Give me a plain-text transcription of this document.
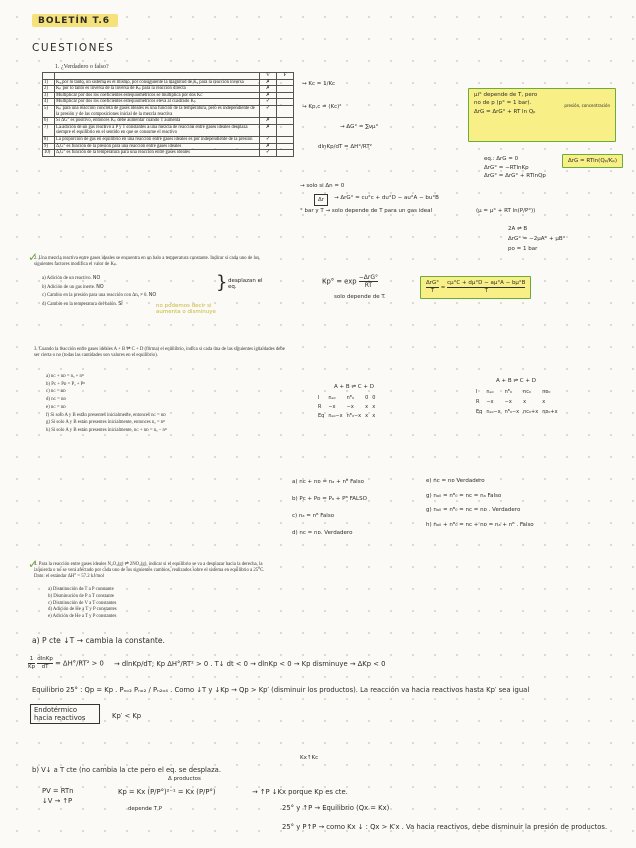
BOLETÍN T.6
CUESTIONES
1. ¿Verdadero o falso?
		V	F
1)	Kᵤ por lo tanto, un sistema es el mismo, por consiguiente la magnitud de Kᵤ para la reacción inversa	✗	
2)	Kₚ por lo tanto es inversa de la inversa de Kₚ para la reacción directa	✗	
3)	Multiplicar por dos los coeficientes estequiométricos se multiplica por dos Kᴄ	✗	
4)	Multiplicar por dos los coeficientes estequiométricos eleva al cuadrado Kₚ	✓	
5)	Kₚ para una reacción concreta de gases ideales es una función de la temperatura, pero es independiente de la presión y de las composiciones inicial de la mezcla reactiva	✓	
6)	Si ΔG° es positivo, entonces Kₚ debe aumentar cuando T aumenta	✗	
7)	La adición de un gas reactivo a P y T constantes a una mezcla de reacción entre gases ideales desplaza siempre el equilibrio en el sentido en que se consume el reactivo	✗	
8)	La proporción de gas en equilibrio en una reacción entre gases ideales es por independiente de la presión	✓	
9)	ΔᵣG° es función de la presión para una reacción entre gases ideales	✗	
10)	ΔᵣG° es función de la temperatura para una reacción entre gases ideales	✓	
→ Kc = 1/Kc
→ Kp,c = (Kc)²
→ solo si Δn = 0
→ ΔG° = ∑νμ°
dlnKp/dT = ΔH°/RT²
Δr	→ ΔrG° = cu°c + du°D − au°A − bu°B
° bar y T → solo depende de T para un gas ideal	(μ = μ° + RT ln(P/P°))
μi° depende de T, pero
no de p (p° = 1 bar).	presión, concentración
ΔrG = ΔrG° + RT ln Qₚ
eq.: ΔrG = 0
ΔrG° = −RTlnKp
ΔrG° = ΔrG° + RTlnQp
ΔrG = RTln(Qₚ/Kₚ)
2A ⇌ B
ΔrG° = −2μA° + μB°
po = 1 bar
✓
2. Una mezcla reactiva entre gases ideales se encuentra en un balo a temperatura constante. Indicar si cada uno de los siguientes factores modifica el valor de Kₚ.
a) Adición de un reactivo. NO
b) Adición de un gas inerte. NO
c) Cambio en la presión para una reacción con Δnᵧ ≠ 0. NO
d) Cambio en la temperatura del balón. SÍ
} desplazan el eq.
no podemos decir si aumenta o disminuye
$Kp^\circ = \exp \frac{\text{−ΔrG°}}{RT}$
solo depende de T.
$\frac{\text{ΔrG°}}{T} = \frac{c\mu^\circ C + d\mu^\circ D - a\mu^\circ A - b\mu^\circ B}{T}$
3. Cuando la reacción entre gases ideales A + B ⇌ C + D (forma) el equilibrio, indica si cada una de las siguientes igualdades debe ser cierta o no (todas las cantidades son valores en el equilibrio).
a) nᴄ + nᴅ = nₐ + nᴮ
b) Pᴄ + Pᴅ = Pₐ + Pᴮ
c) nᴄ = nᴅ
d) nᴄ = nᴅ
e) nᴄ = nᴅ
f) Si solo A y B están presentes inicialmente, entonces nᴄ = nᴅ
g) Si solo A y B están presentes inicialmente, entonces nₐ = nᴮ
h) Si solo A y B están presentes inicialmente, nᴄ + nᴅ = nₐ − nᴮ
A + B ⇌ C + D
I	nₐ₀	nᴮ₀	0	0
R	−x	−x	x	x
Eq	nₐ₀−x	nᴮ₀−x	x	x
A + B ⇌ C + D
I	nₐ₀	nᴮ₀	nᴄ₀	nᴅ₀
R	−x	−x	x	x
Eq	nₐ₀−x	nᴮ₀−x	nᴄ₀+x	nᴅ₀+x
a) nᴄ + nᴅ = nₐ + nᴮ Falso
b) Pᴄ + Pᴅ = Pₐ + Pᴮ FALSO
c) nₐ = nᴮ Falso
d) nᴄ = nᴅ. Verdadero
e) nᴄ = nᴅ Verdadero
g) nₐ₀ = nᴮ₀ = nᴄ = nₐ Falso
g) nₐ₀ = nᴮ₀ = nᴄ = nᴅ . Verdadero
h) nₐ₀ + nᴮ₀ = nᴄ + nᴅ = nₐ + nᴮ . Falso
✓
4. Para la reacción entre gases ideales N₂O₄(g) ⇌ 2NO₂(g), indicar si el equilibrio se va a desplazar hacia la derecha, la izquierda o no se verá afectado por cada uno de los siguientes cambios, realizados sobre el sistema en equilibrio a 25°C. Dato: el estándar ΔH° = 57.2 kJ/mol
a) Disminución de T a P constante
b) Disminución de P a T constante
c) Disminución de V a T constantes
d) Adición de He a T y P constantes
e) Adición de He a T y P constantes
a) P cte ↓T → cambia la constante.
$\frac{1}{Kp}$
$\frac{\text{dlnKp}}{dT} = \Delta H^\circ/RT^2 > 0$ → dlnKp/dT; Kp ΔH°/RT² > 0 . T↓ dt < 0 → dlnKp < 0 → Kp disminuye → ΔKp < 0
Equilibrio 25° : Qp = Kp . Pₙₒ₂ Pₙₒ₂ / Pₙ₂ₒ₄ . Como ↓T y ↓Kp → Qp > Kp′ (disminuir los productos). La reacción va hacia reactivos hasta Kp′ sea igual
Endotérmico hacia reactivos	Kp′ < Kp
b) V↓ a T cte (no cambia la cte pero el eq. se desplaza.
Kx↑Kc
PV = RTn
↓V → ↑P
Δ productos
Kp = Kx (P/P°)²⁻¹ = Kx (P/P°)
depende T,P
→ ↑P ↓Kx porque Kp es cte.
25° y ↑P → Equilibrio (Qx = Kx)
25° y P↑P → como Kx ↓ : Qx > K′x . Va hacia reactivos, debe disminuir la presión de productos.
